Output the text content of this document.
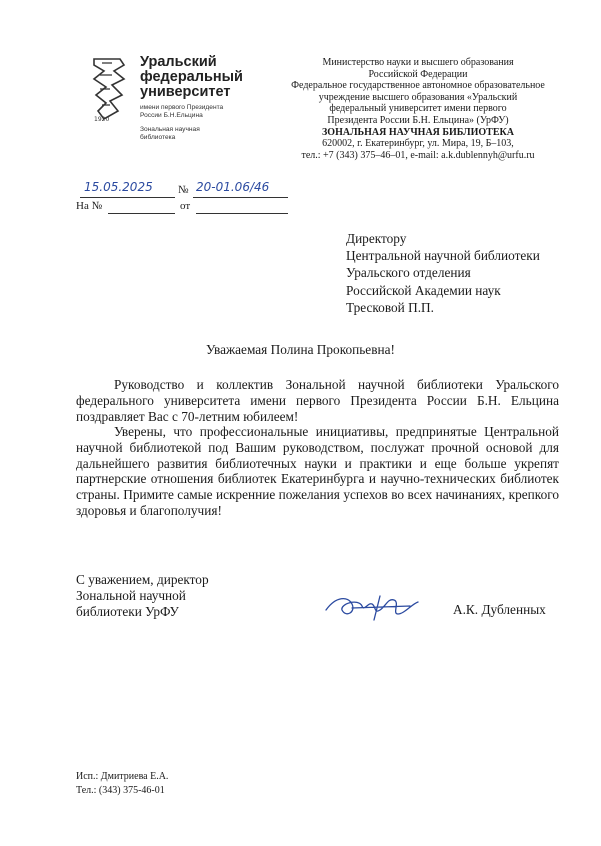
1920
Уральский
федеральный
университет
имени первого Президента
России Б.Н.Ельцина
Зональная научная
библиотека
Министерство науки и высшего образования
Российской Федерации
Федеральное государственное автономное образовательное
учреждение высшего образования «Уральский
федеральный университет имени первого
Президента России Б.Н. Ельцина» (УрФУ)
ЗОНАЛЬНАЯ НАУЧНАЯ БИБЛИОТЕКА
620002, г. Екатеринбург, ул. Мира, 19, Б–103,
тел.: +7 (343) 375–46–01, e-mail: a.k.dublennyh@urfu.ru
15.05.2025 № 20-01.06/46
На №	от
Директору
Центральной научной библиотеки
Уральского отделения
Российской Академии наук
Тресковой П.П.
Уважаемая Полина Прокопьевна!
Руководство и коллектив Зональной научной библиотеки Уральского федерального университета имени первого Президента России Б.Н. Ельцина поздравляет Вас с 70-летним юбилеем!
Уверены, что профессиональные инициативы, предпринятые Центральной научной библиотекой под Вашим руководством, послужат прочной основой для дальнейшего развития библиотечных науки и практики и еще больше укрепят партнерские отношения библиотек Екатеринбурга и научно-технических библиотек страны. Примите самые искренние пожелания успехов во всех начинаниях, крепкого здоровья и благополучия!
С уважением, директор
Зональной научной
библиотеки УрФУ	А.К. Дубленных
Исп.: Дмитриева Е.А.
Тел.: (343) 375-46-01
